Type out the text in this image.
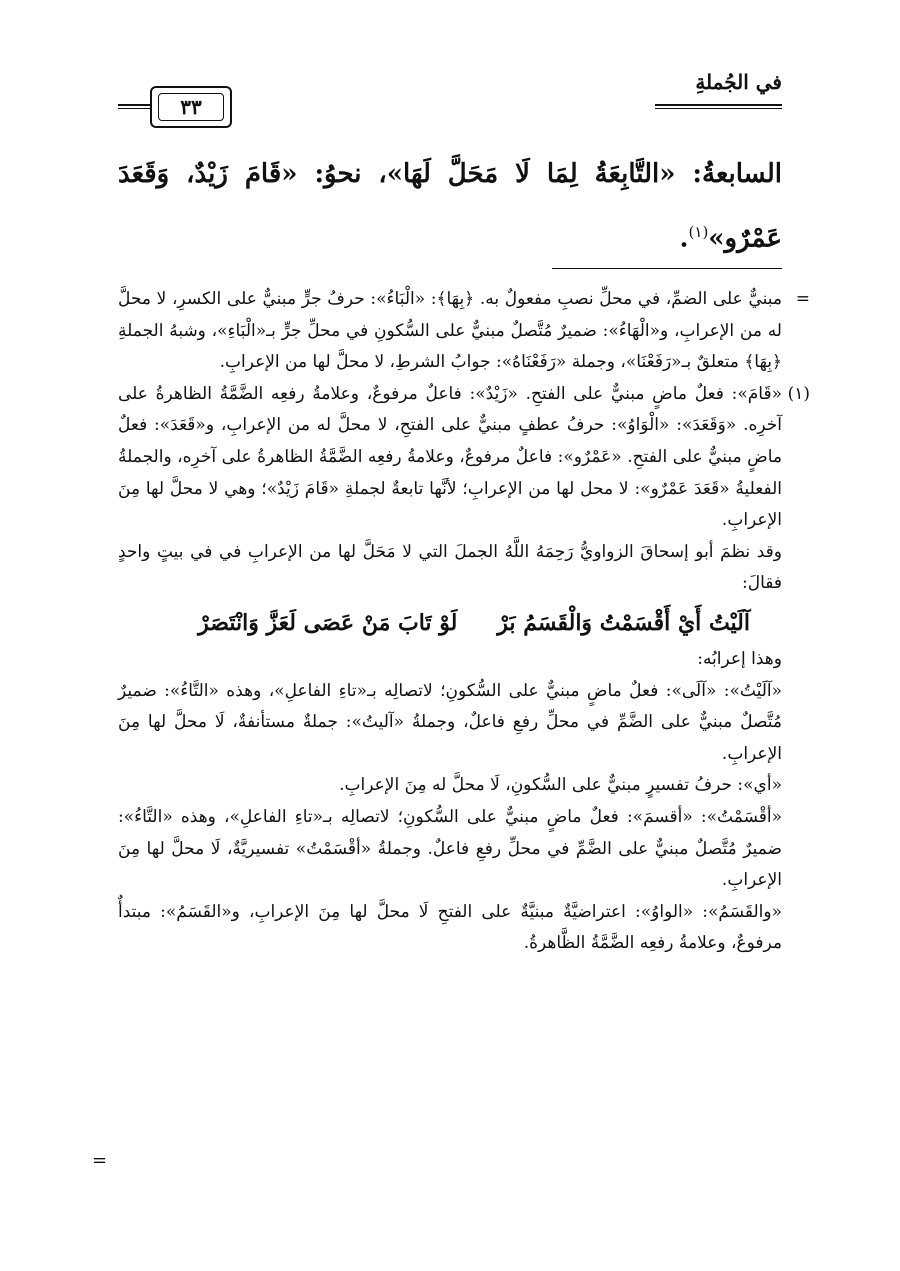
في الجُملةِ
٣٣
السابعةُ: «التَّابِعَةُ لِمَا لَا مَحَلَّ لَهَا»، نحوُ: «قَامَ زَيْدٌ، وَقَعَدَ عَمْرٌو»$^{(١)}$.
=
مبنيٌّ على الضمِّ، في محلِّ نصبِ مفعولٌ به. ﴿بِهَا﴾: «الْبَاءُ»: حرفُ جرٍّ مبنيٌّ على الكسرِ، لا محلَّ له من الإعرابِ، و«الْهَاءُ»: ضميرٌ مُتَّصلٌ مبنيٌّ على السُّكونِ في محلِّ جرٍّ بـ«الْبَاءِ»، وشبهُ الجملةِ ﴿بِهَا﴾ متعلقٌ بـ«رَفَعْنَا»، وجملة «رَفَعْنَاهُ»: جوابُ الشرطِ، لا محلَّ لها من الإعرابِ.
(١)
«قَامَ»: فعلٌ ماضٍ مبنيٌّ على الفتحِ. «زَيْدٌ»: فاعلٌ مرفوعٌ، وعلامةُ رفعِه الضَّمَّةُ الظاهرةُ على آخرِه. «وَقَعَدَ»: «الْوَاوُ»: حرفُ عطفٍ مبنيٌّ على الفتحِ، لا محلَّ له من الإعرابِ، و«قَعَدَ»: فعلٌ ماضٍ مبنيٌّ على الفتحِ. «عَمْرٌو»: فاعلٌ مرفوعٌ، وعلامةُ رفعِه الضَّمَّةُ الظاهرةُ على آخرِه، والجملةُ الفعليةُ «قَعَدَ عَمْرٌو»: لا محل لها من الإعرابِ؛ لأنَّها تابعةٌ لجملةِ «قَامَ زَيْدٌ»؛ وهي لا محلَّ لها مِنَ الإعرابِ.

وقد نظمَ أبو إسحاقَ الزواويُّ رَحِمَهُ اللَّهُ الجملَ التي لا مَحَلَّ لها من الإعرابِ في في بيتٍ واحدٍ فقالَ:

آلَيْتُ أَيْ أَقْسَمْتُ وَالْقَسَمُ بَرْ
لَوْ تَابَ مَنْ عَصَى لَعَزَّ وَانْتَصَرْ

وهذا إعرابُه:

«آلَيْتُ»: «آلَى»: فعلٌ ماضٍ مبنيٌّ على السُّكونِ؛ لاتصالِه بـ«تاءِ الفاعلِ»، وهذه «التَّاءُ»: ضميرٌ مُتَّصلٌ مبنيٌّ على الضَّمِّ في محلِّ رفعِ فاعلٌ، وجملةُ «آليتُ»: جملةٌ مستأنفةٌ، لَا محلَّ لها مِنَ الإعرابِ.

«أي»: حرفُ تفسيرٍ مبنيٌّ على السُّكونِ، لَا محلَّ له مِنَ الإعرابِ.

«أقْسَمْتُ»: «أقسمَ»: فعلٌ ماضٍ مبنيٌّ على السُّكونِ؛ لاتصالِه بـ«تاءِ الفاعلِ»، وهذه «التَّاءُ»: ضميرٌ مُتَّصلٌ مبنيٌّ على الضَّمِّ في محلِّ رفعِ فاعلٌ. وجملةُ «أقْسَمْتُ» تفسيريَّةٌ، لَا محلَّ لها مِنَ الإعرابِ.

«والقَسَمُ»: «الواوُ»: اعتراضيَّةٌ مبنيَّةٌ على الفتحِ لَا محلَّ لها مِنَ الإعرابِ، و«القَسَمُ»: مبتدأٌ مرفوعٌ، وعلامةُ رفعِه الضَّمَّةُ الظَّاهرةُ.

=
